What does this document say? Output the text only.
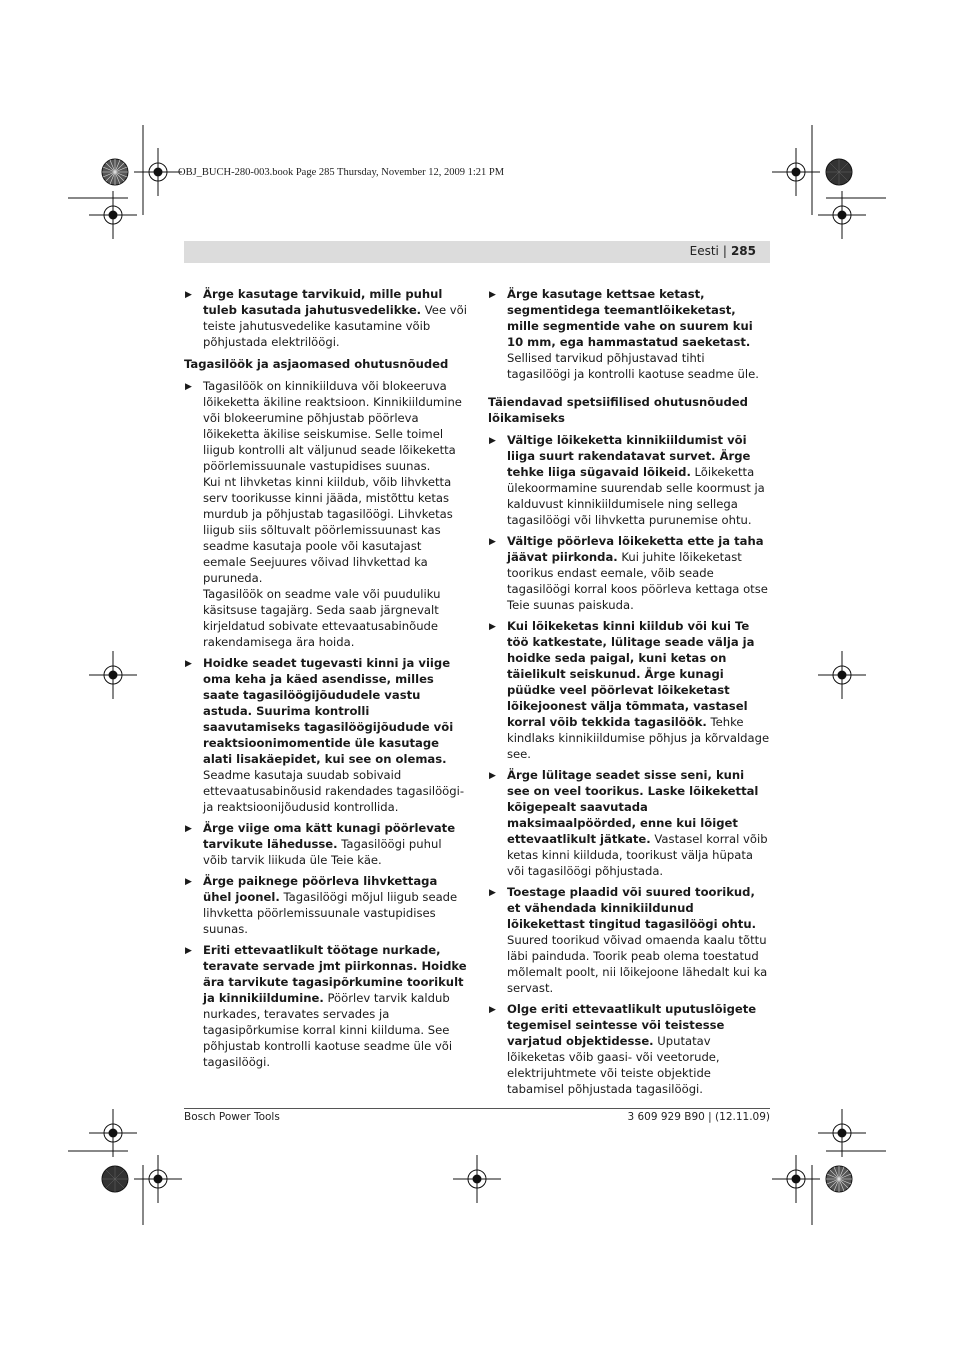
OBJ_BUCH-280-003.book Page 285 Thursday, November 12, 2009 1:21 PM
Eesti | 285
▶ Ärge kasutage tarvikuid, mille puhul tuleb kasutada jahutusvedelikke. Vee või teiste jahutusvedelike kasutamine võib põhjustada elektrilöögi.
Tagasilöök ja asjaomased ohutusnõuded
▶ Tagasilöök on kinnikiilduva või blokeeruva lõikeketta äkiline reaktsioon. Kinnikiildumine või blokeerumine põhjustab pöörleva lõikeketta äkilise seiskumise. Selle toimel liigub kontrolli alt väljunud seade lõikeketta pöörlemissuunale vastupidises suunas.
Kui nt lihvketas kinni kiildub, võib lihvketta serv toorikusse kinni jääda, mistõttu ketas murdub ja põhjustab tagasilöögi. Lihvketas liigub siis sõltuvalt pöörlemissuunast kas seadme kasutaja poole või kasutajast eemale Seejuures võivad lihvkettad ka puruneda.
Tagasilöök on seadme vale või puuduliku käsitsuse tagajärg. Seda saab järgnevalt kirjeldatud sobivate ettevaatusabinõude rakendamisega ära hoida.
▶ Hoidke seadet tugevasti kinni ja viige oma keha ja käed asendisse, milles saate tagasilöögijõududele vastu astuda. Suurima kontrolli saavutamiseks tagasilöögijõudude või reaktsioonimomentide üle kasutage alati lisakäepidet, kui see on olemas. Seadme kasutaja suudab sobivaid ettevaatusabinõusid rakendades tagasilöögi- ja reaktsioonijõudusid kontrollida.
▶ Ärge viige oma kätt kunagi pöörlevate tarvikute lähedusse. Tagasilöögi puhul võib tarvik liikuda üle Teie käe.
▶ Ärge paiknege pöörleva lihvkettaga ühel joonel. Tagasilöögi mõjul liigub seade lihvketta pöörlemissuunale vastupidises suunas.
▶ Eriti ettevaatlikult töötage nurkade, teravate servade jmt piirkonnas. Hoidke ära tarvikute tagasipõrkumine toorikult ja kinnikiildumine. Pöörlev tarvik kaldub nurkades, teravates servades ja tagasipõrkumise korral kinni kiilduma. See põhjustab kontrolli kaotuse seadme üle või tagasilöögi.
▶ Ärge kasutage kettsae ketast, segmentidega teemantlõikeketast, mille segmentide vahe on suurem kui 10 mm, ega hammastatud saeketast. Sellised tarvikud põhjustavad tihti tagasilöögi ja kontrolli kaotuse seadme üle.
Täiendavad spetsiifilised ohutusnõuded lõikamiseks
▶ Vältige lõikeketta kinnikiildumist või liiga suurt rakendatavat survet. Ärge tehke liiga sügavaid lõikeid. Lõikeketta ülekoormamine suurendab selle koormust ja kalduvust kinnikiildumisele ning sellega tagasilöögi või lihvketta purunemise ohtu.
▶ Vältige pöörleva lõikeketta ette ja taha jäävat piirkonda. Kui juhite lõikeketast toorikus endast eemale, võib seade tagasilöögi korral koos pöörleva kettaga otse Teie suunas paiskuda.
▶ Kui lõikeketas kinni kiildub või kui Te töö katkestate, lülitage seade välja ja hoidke seda paigal, kuni ketas on täielikult seiskunud. Ärge kunagi püüdke veel pöörlevat lõikeketast lõikejoonest välja tõmmata, vastasel korral võib tekkida tagasilöök. Tehke kindlaks kinnikiildumise põhjus ja kõrvaldage see.
▶ Ärge lülitage seadet sisse seni, kuni see on veel toorikus. Laske lõikekettal kõigepealt saavutada maksimaalpöörded, enne kui lõiget ettevaatlikult jätkate. Vastasel korral võib ketas kinni kiilduda, toorikust välja hüpata või tagasilöögi põhjustada.
▶ Toestage plaadid või suured toorikud, et vähendada kinnikiildunud lõikekettast tingitud tagasilöögi ohtu. Suured toorikud võivad omaenda kaalu tõttu läbi painduda. Toorik peab olema toestatud mõlemalt poolt, nii lõikejoone lähedalt kui ka servast.
▶ Olge eriti ettevaatlikult uputuslõigete tegemisel seintesse või teistesse varjatud objektidesse. Uputatav lõikeketas võib gaasi- või veetorude, elektrijuhtmete või teiste objektide tabamisel põhjustada tagasilöögi.
Bosch Power Tools	3 609 929 B90 | (12.11.09)
